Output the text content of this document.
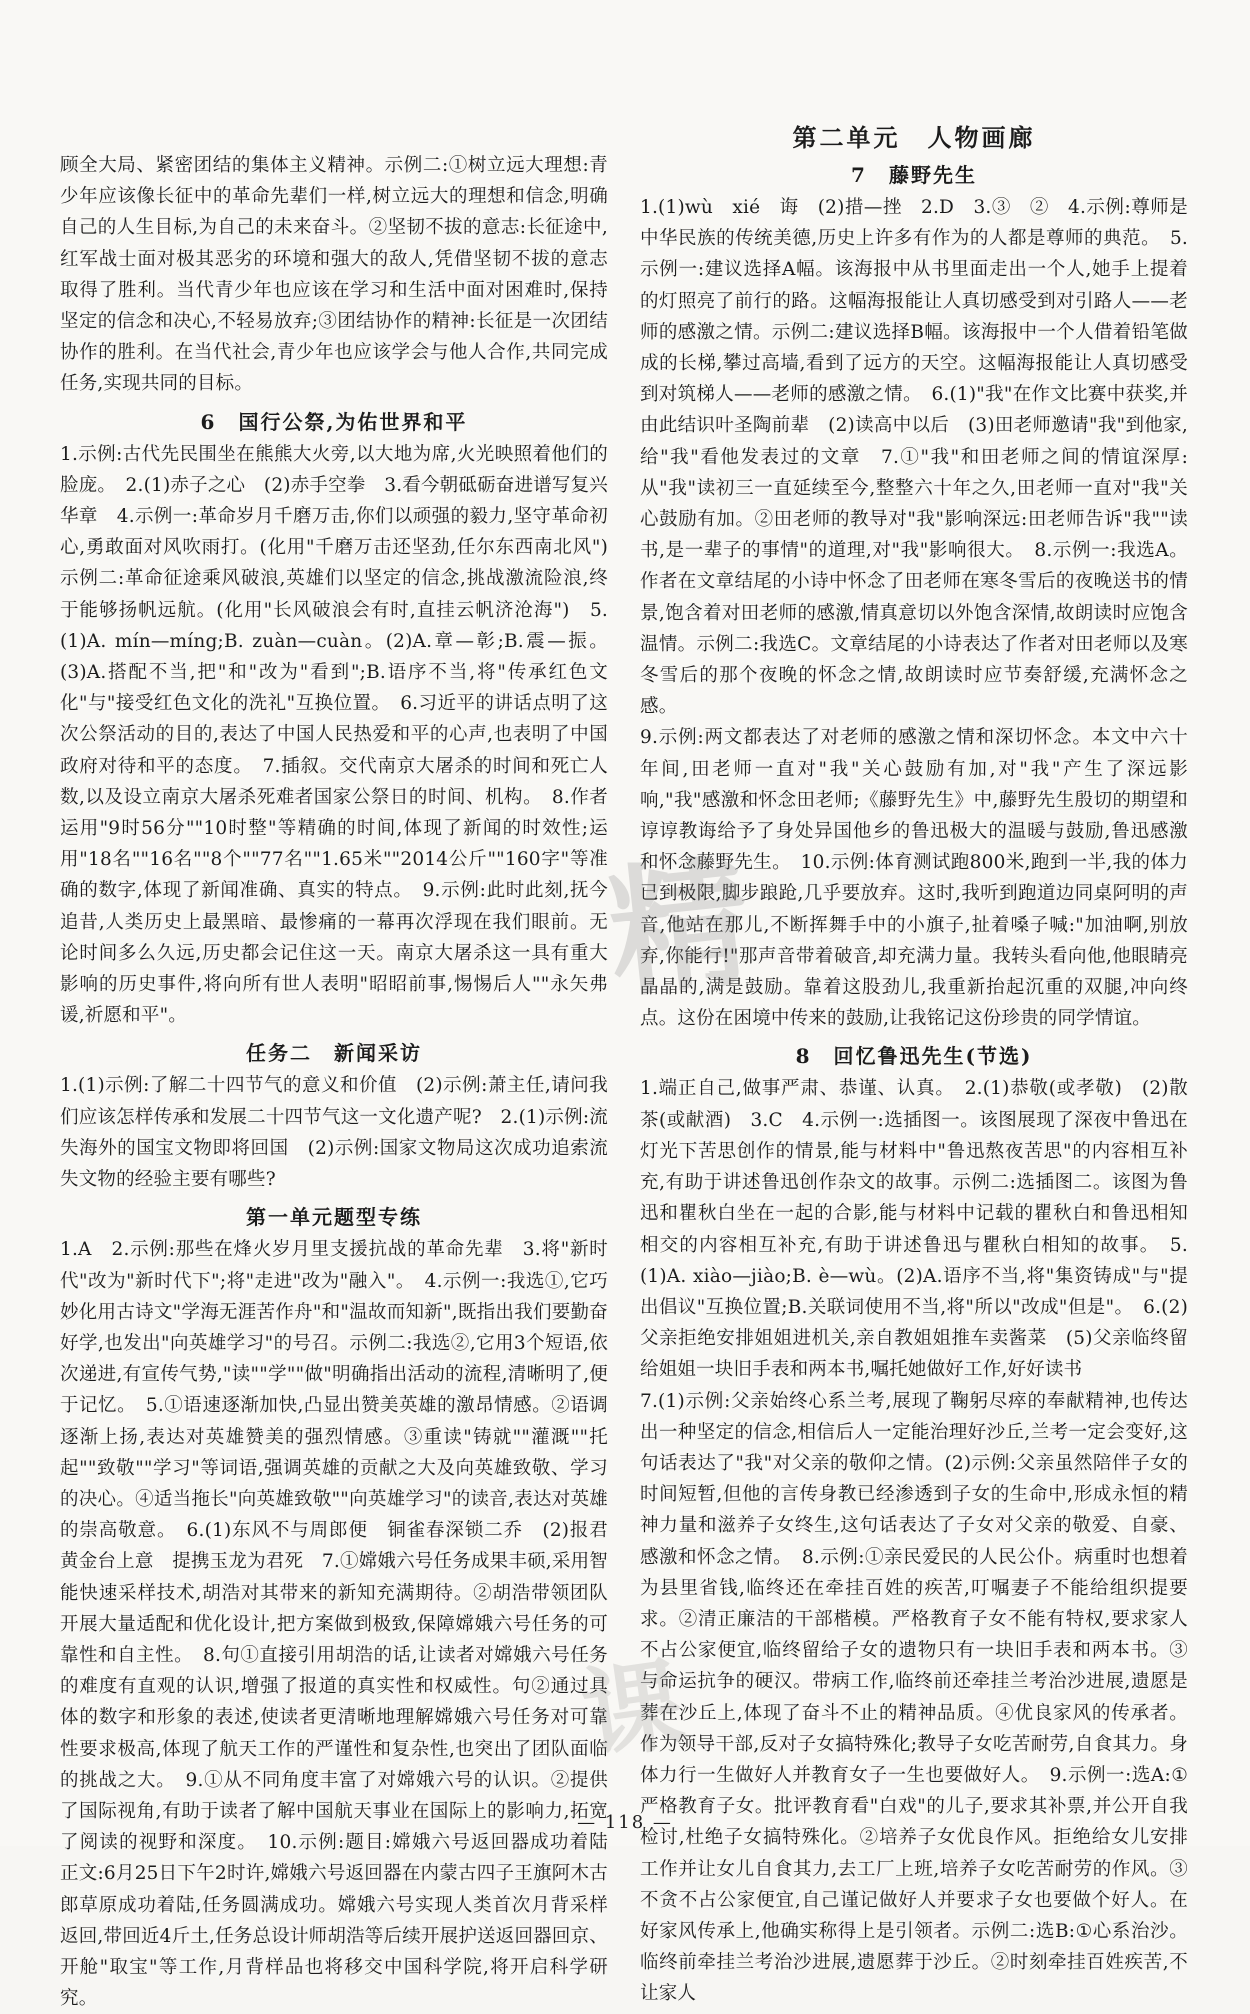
顾全大局、紧密团结的集体主义精神。示例二:①树立远大理想:青少年应该像长征中的革命先辈们一样,树立远大的理想和信念,明确自己的人生目标,为自己的未来奋斗。②坚韧不拔的意志:长征途中,红军战士面对极其恶劣的环境和强大的敌人,凭借坚韧不拔的意志取得了胜利。当代青少年也应该在学习和生活中面对困难时,保持坚定的信念和决心,不轻易放弃;③团结协作的精神:长征是一次团结协作的胜利。在当代社会,青少年也应该学会与他人合作,共同完成任务,实现共同的目标。

6　国行公祭,为佑世界和平

1.示例:古代先民围坐在熊熊大火旁,以大地为席,火光映照着他们的脸庞。　2.(1)赤子之心　(2)赤手空拳　3.看今朝砥砺奋进谱写复兴华章　4.示例一:革命岁月千磨万击,你们以顽强的毅力,坚守革命初心,勇敢面对风吹雨打。(化用"千磨万击还坚劲,任尔东西南北风")示例二:革命征途乘风破浪,英雄们以坚定的信念,挑战激流险浪,终于能够扬帆远航。(化用"长风破浪会有时,直挂云帆济沧海")　5.(1)A. mín—míng;B. zuàn—cuàn。(2)A.章—彰;B.震—振。(3)A.搭配不当,把"和"改为"看到";B.语序不当,将"传承红色文化"与"接受红色文化的洗礼"互换位置。　6.习近平的讲话点明了这次公祭活动的目的,表达了中国人民热爱和平的心声,也表明了中国政府对待和平的态度。　7.插叙。交代南京大屠杀的时间和死亡人数,以及设立南京大屠杀死难者国家公祭日的时间、机构。　8.作者运用"9时56分""10时整"等精确的时间,体现了新闻的时效性;运用"18名""16名""8个""77名""1.65米""2014公斤""160字"等准确的数字,体现了新闻准确、真实的特点。　9.示例:此时此刻,抚今追昔,人类历史上最黑暗、最惨痛的一幕再次浮现在我们眼前。无论时间多么久远,历史都会记住这一天。南京大屠杀这一具有重大影响的历史事件,将向所有世人表明"昭昭前事,惕惕后人""永矢弗谖,祈愿和平"。

任务二　新闻采访

1.(1)示例:了解二十四节气的意义和价值　(2)示例:萧主任,请问我们应该怎样传承和发展二十四节气这一文化遗产呢?　2.(1)示例:流失海外的国宝文物即将回国　(2)示例:国家文物局这次成功追索流失文物的经验主要有哪些?

第一单元题型专练

1.A　2.示例:那些在烽火岁月里支援抗战的革命先辈　3.将"新时代"改为"新时代下";将"走进"改为"融入"。　4.示例一:我选①,它巧妙化用古诗文"学海无涯苦作舟"和"温故而知新",既指出我们要勤奋好学,也发出"向英雄学习"的号召。示例二:我选②,它用3个短语,依次递进,有宣传气势,"读""学""做"明确指出活动的流程,清晰明了,便于记忆。　5.①语速逐渐加快,凸显出赞美英雄的激昂情感。②语调逐渐上扬,表达对英雄赞美的强烈情感。③重读"铸就""灌溉""托起""致敬""学习"等词语,强调英雄的贡献之大及向英雄致敬、学习的决心。④适当拖长"向英雄致敬""向英雄学习"的读音,表达对英雄的崇高敬意。　6.(1)东风不与周郎便　铜雀春深锁二乔　(2)报君黄金台上意　提携玉龙为君死　7.①嫦娥六号任务成果丰硕,采用智能快速采样技术,胡浩对其带来的新知充满期待。②胡浩带领团队开展大量适配和优化设计,把方案做到极致,保障嫦娥六号任务的可靠性和自主性。　8.句①直接引用胡浩的话,让读者对嫦娥六号任务的难度有直观的认识,增强了报道的真实性和权威性。句②通过具体的数字和形象的表述,使读者更清晰地理解嫦娥六号任务对可靠性要求极高,体现了航天工作的严谨性和复杂性,也突出了团队面临的挑战之大。　9.①从不同角度丰富了对嫦娥六号的认识。②提供了国际视角,有助于读者了解中国航天事业在国际上的影响力,拓宽了阅读的视野和深度。　10.示例:题目:嫦娥六号返回器成功着陆　正文:6月25日下午2时许,嫦娥六号返回器在内蒙古四子王旗阿木古郎草原成功着陆,任务圆满成功。嫦娥六号实现人类首次月背采样返回,带回近4斤土,任务总设计师胡浩等后续开展护送返回器回京、开舱"取宝"等工作,月背样品也将移交中国科学院,将开启科学研究。

第二单元　人物画廊
7　藤野先生

1.(1)wù　xié　诲　(2)措—挫　2.D　3.③　②　4.示例:尊师是中华民族的传统美德,历史上许多有作为的人都是尊师的典范。　5.示例一:建议选择A幅。该海报中从书里面走出一个人,她手上提着的灯照亮了前行的路。这幅海报能让人真切感受到对引路人——老师的感激之情。示例二:建议选择B幅。该海报中一个人借着铅笔做成的长梯,攀过高墙,看到了远方的天空。这幅海报能让人真切感受到对筑梯人——老师的感激之情。　6.(1)"我"在作文比赛中获奖,并由此结识叶圣陶前辈　(2)读高中以后　(3)田老师邀请"我"到他家,给"我"看他发表过的文章　7.①"我"和田老师之间的情谊深厚:从"我"读初三一直延续至今,整整六十年之久,田老师一直对"我"关心鼓励有加。②田老师的教导对"我"影响深远:田老师告诉"我""读书,是一辈子的事情"的道理,对"我"影响很大。　8.示例一:我选A。作者在文章结尾的小诗中怀念了田老师在寒冬雪后的夜晚送书的情景,饱含着对田老师的感激,情真意切以外饱含深情,故朗读时应饱含温情。示例二:我选C。文章结尾的小诗表达了作者对田老师以及寒冬雪后的那个夜晚的怀念之情,故朗读时应节奏舒缓,充满怀念之感。

9.示例:两文都表达了对老师的感激之情和深切怀念。本文中六十年间,田老师一直对"我"关心鼓励有加,对"我"产生了深远影响,"我"感激和怀念田老师;《藤野先生》中,藤野先生殷切的期望和谆谆教诲给予了身处异国他乡的鲁迅极大的温暖与鼓励,鲁迅感激和怀念藤野先生。　10.示例:体育测试跑800米,跑到一半,我的体力已到极限,脚步踉跄,几乎要放弃。这时,我听到跑道边同桌阿明的声音,他站在那儿,不断挥舞手中的小旗子,扯着嗓子喊:"加油啊,别放弃,你能行!"那声音带着破音,却充满力量。我转头看向他,他眼睛亮晶晶的,满是鼓励。靠着这股劲儿,我重新抬起沉重的双腿,冲向终点。这份在困境中传来的鼓励,让我铭记这份珍贵的同学情谊。

8　回忆鲁迅先生(节选)

1.端正自己,做事严肃、恭谨、认真。　2.(1)恭敬(或孝敬)　(2)散茶(或献酒)　3.C　4.示例一:选插图一。该图展现了深夜中鲁迅在灯光下苦思创作的情景,能与材料中"鲁迅熬夜苦思"的内容相互补充,有助于讲述鲁迅创作杂文的故事。示例二:选插图二。该图为鲁迅和瞿秋白坐在一起的合影,能与材料中记载的瞿秋白和鲁迅相知相交的内容相互补充,有助于讲述鲁迅与瞿秋白相知的故事。　5.(1)A. xiào—jiào;B. è—wù。(2)A.语序不当,将"集资铸成"与"提出倡议"互换位置;B.关联词使用不当,将"所以"改成"但是"。　6.(2)父亲拒绝安排姐姐进机关,亲自教姐姐推车卖酱菜　(5)父亲临终留给姐姐一块旧手表和两本书,嘱托她做好工作,好好读书

7.(1)示例:父亲始终心系兰考,展现了鞠躬尽瘁的奉献精神,也传达出一种坚定的信念,相信后人一定能治理好沙丘,兰考一定会变好,这句话表达了"我"对父亲的敬仰之情。(2)示例:父亲虽然陪伴子女的时间短暂,但他的言传身教已经渗透到子女的生命中,形成永恒的精神力量和滋养子女终生,这句话表达了子女对父亲的敬爱、自豪、感激和怀念之情。　8.示例:①亲民爱民的人民公仆。病重时也想着为县里省钱,临终还在牵挂百姓的疾苦,叮嘱妻子不能给组织提要求。②清正廉洁的干部楷模。严格教育子女不能有特权,要求家人不占公家便宜,临终留给子女的遗物只有一块旧手表和两本书。③与命运抗争的硬汉。带病工作,临终前还牵挂兰考治沙进展,遗愿是葬在沙丘上,体现了奋斗不止的精神品质。④优良家风的传承者。作为领导干部,反对子女搞特殊化;教导子女吃苦耐劳,自食其力。身体力行一生做好人并教育女子一生也要做好人。　9.示例一:选A:①严格教育子女。批评教育看"白戏"的儿子,要求其补票,并公开自我检讨,杜绝子女搞特殊化。②培养子女优良作风。拒绝给女儿安排工作并让女儿自食其力,去工厂上班,培养子女吃苦耐劳的作风。③不贪不占公家便宜,自己谨记做好人并要求子女也要做个好人。在好家风传承上,他确实称得上是引领者。示例二:选B:①心系治沙。临终前牵挂兰考治沙进展,遗愿葬于沙丘。②时刻牵挂百姓疾苦,不让家人

精
课
— 118 —
